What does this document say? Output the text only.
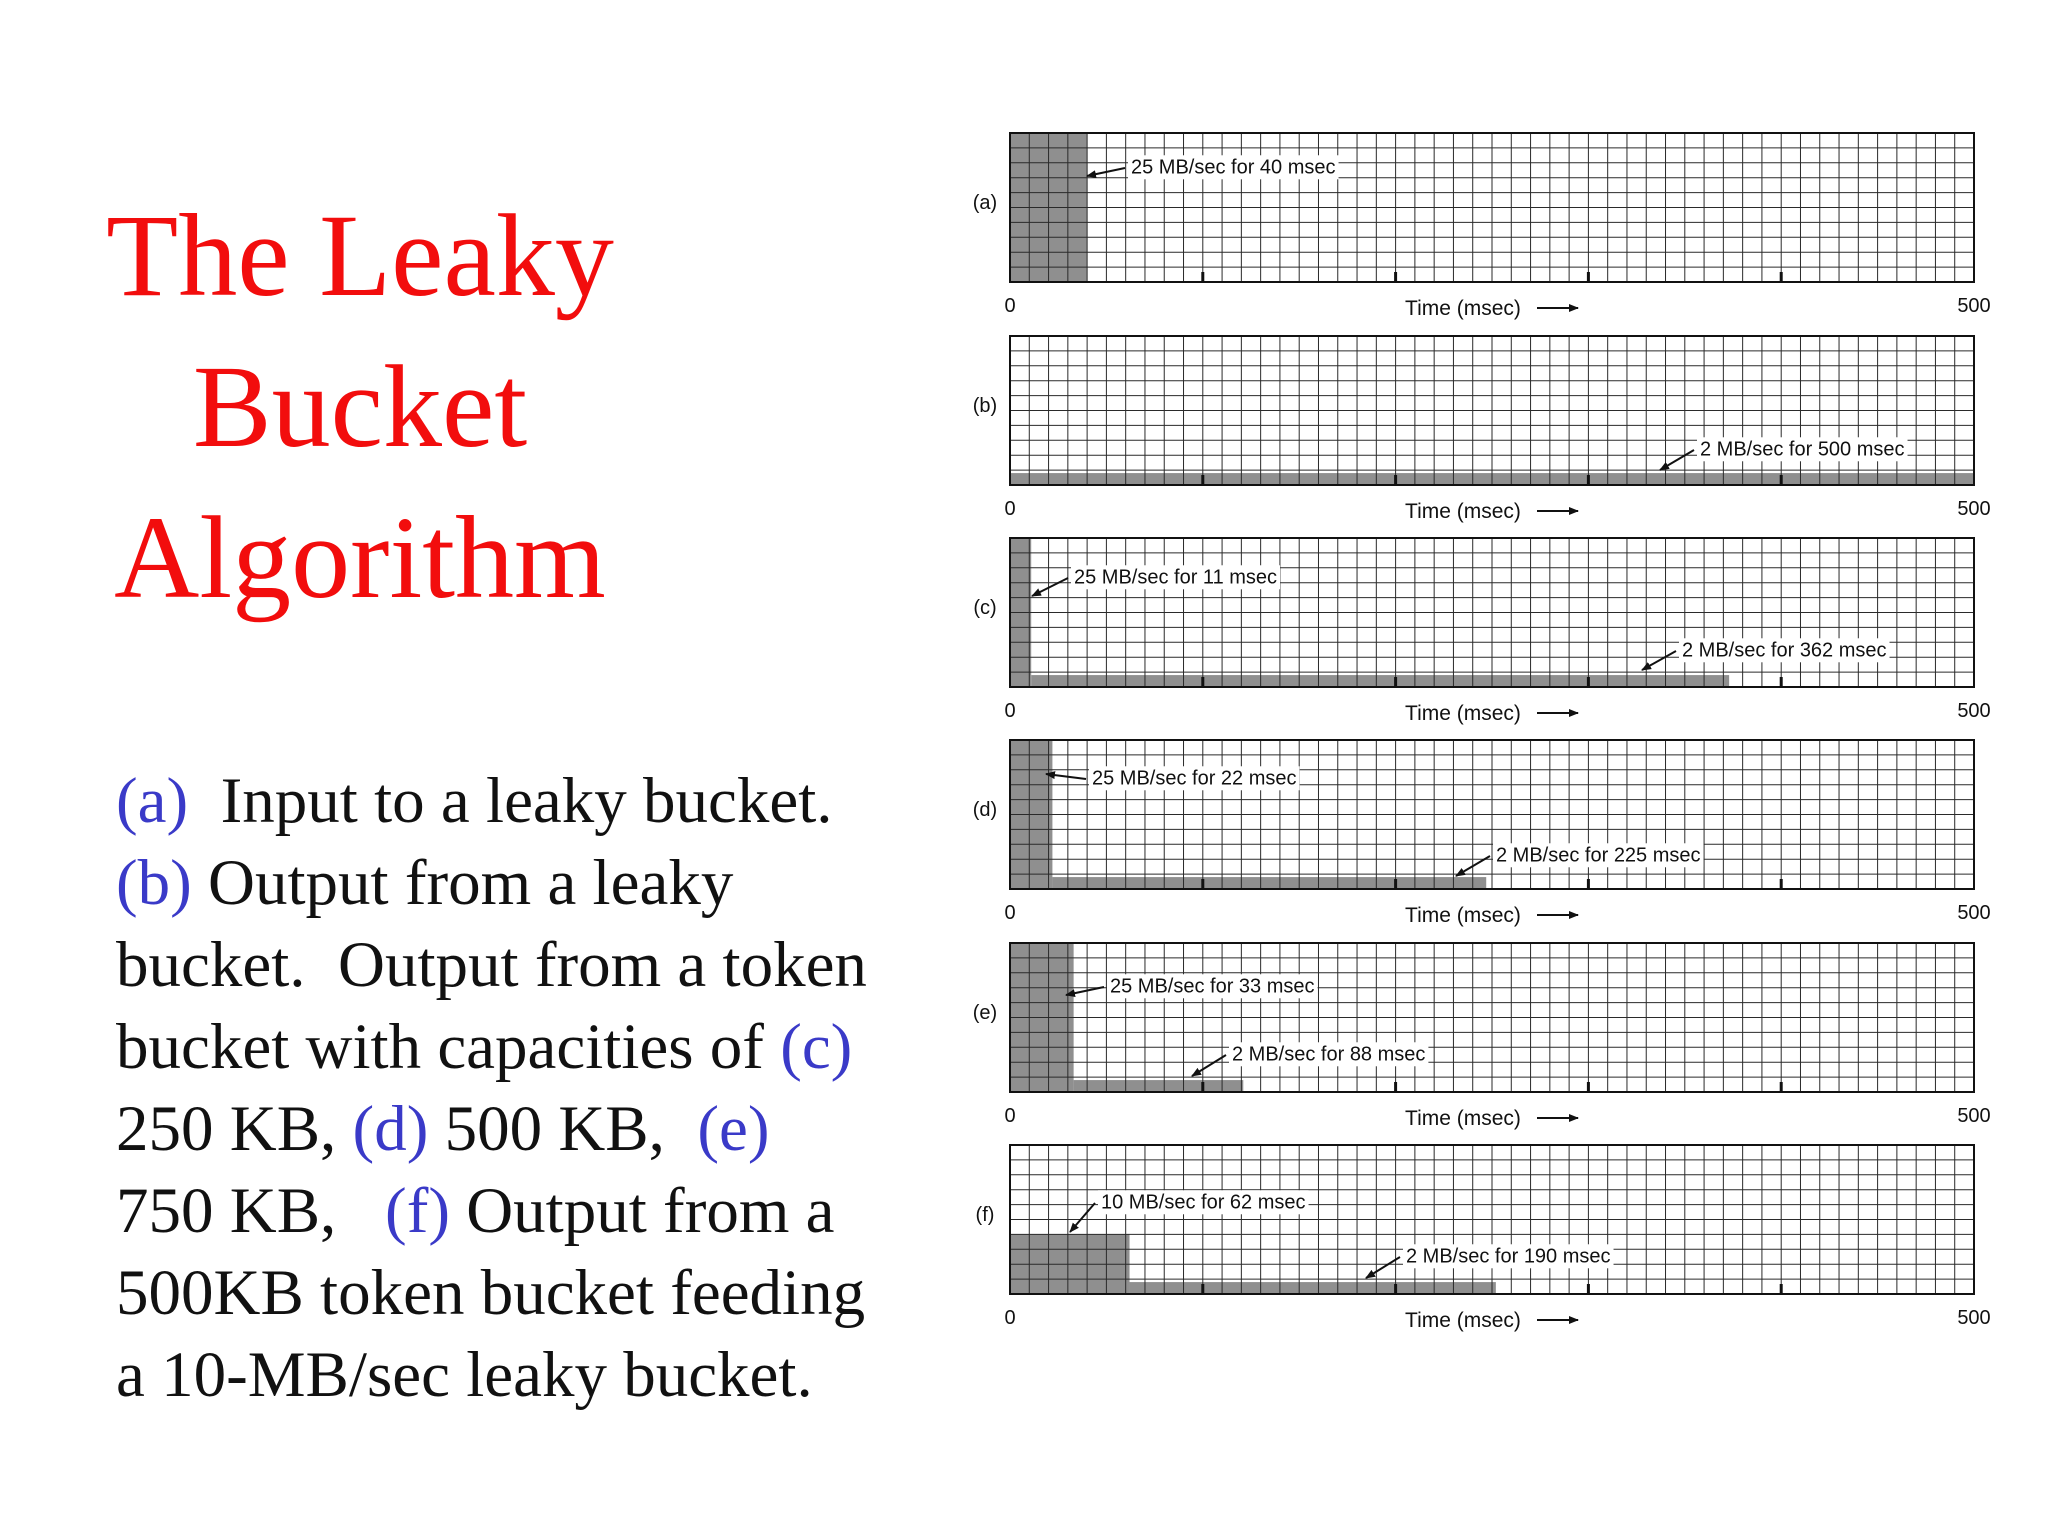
The Leaky
Bucket
Algorithm

(a)  Input to a leaky bucket.

(b) Output from a leaky

bucket.  Output from a token

bucket with capacities of (c)

250 KB, (d) 500 KB,  (e)

750 KB,   (f) Output from a

500KB token bucket feeding

a 10-MB/sec leaky bucket.

(a)
0	500
Time (msec)
25 MB/sec for 40 msec
(b)
0	500
Time (msec)
2 MB/sec for 500 msec
(c)
0	500
Time (msec)
25 MB/sec for 11 msec
2 MB/sec for 362 msec
(d)
0	500
Time (msec)
25 MB/sec for 22 msec
2 MB/sec for 225 msec
(e)
0	500
Time (msec)
25 MB/sec for 33 msec
2 MB/sec for 88 msec
(f)
0	500
Time (msec)
10 MB/sec for 62 msec
2 MB/sec for 190 msec
